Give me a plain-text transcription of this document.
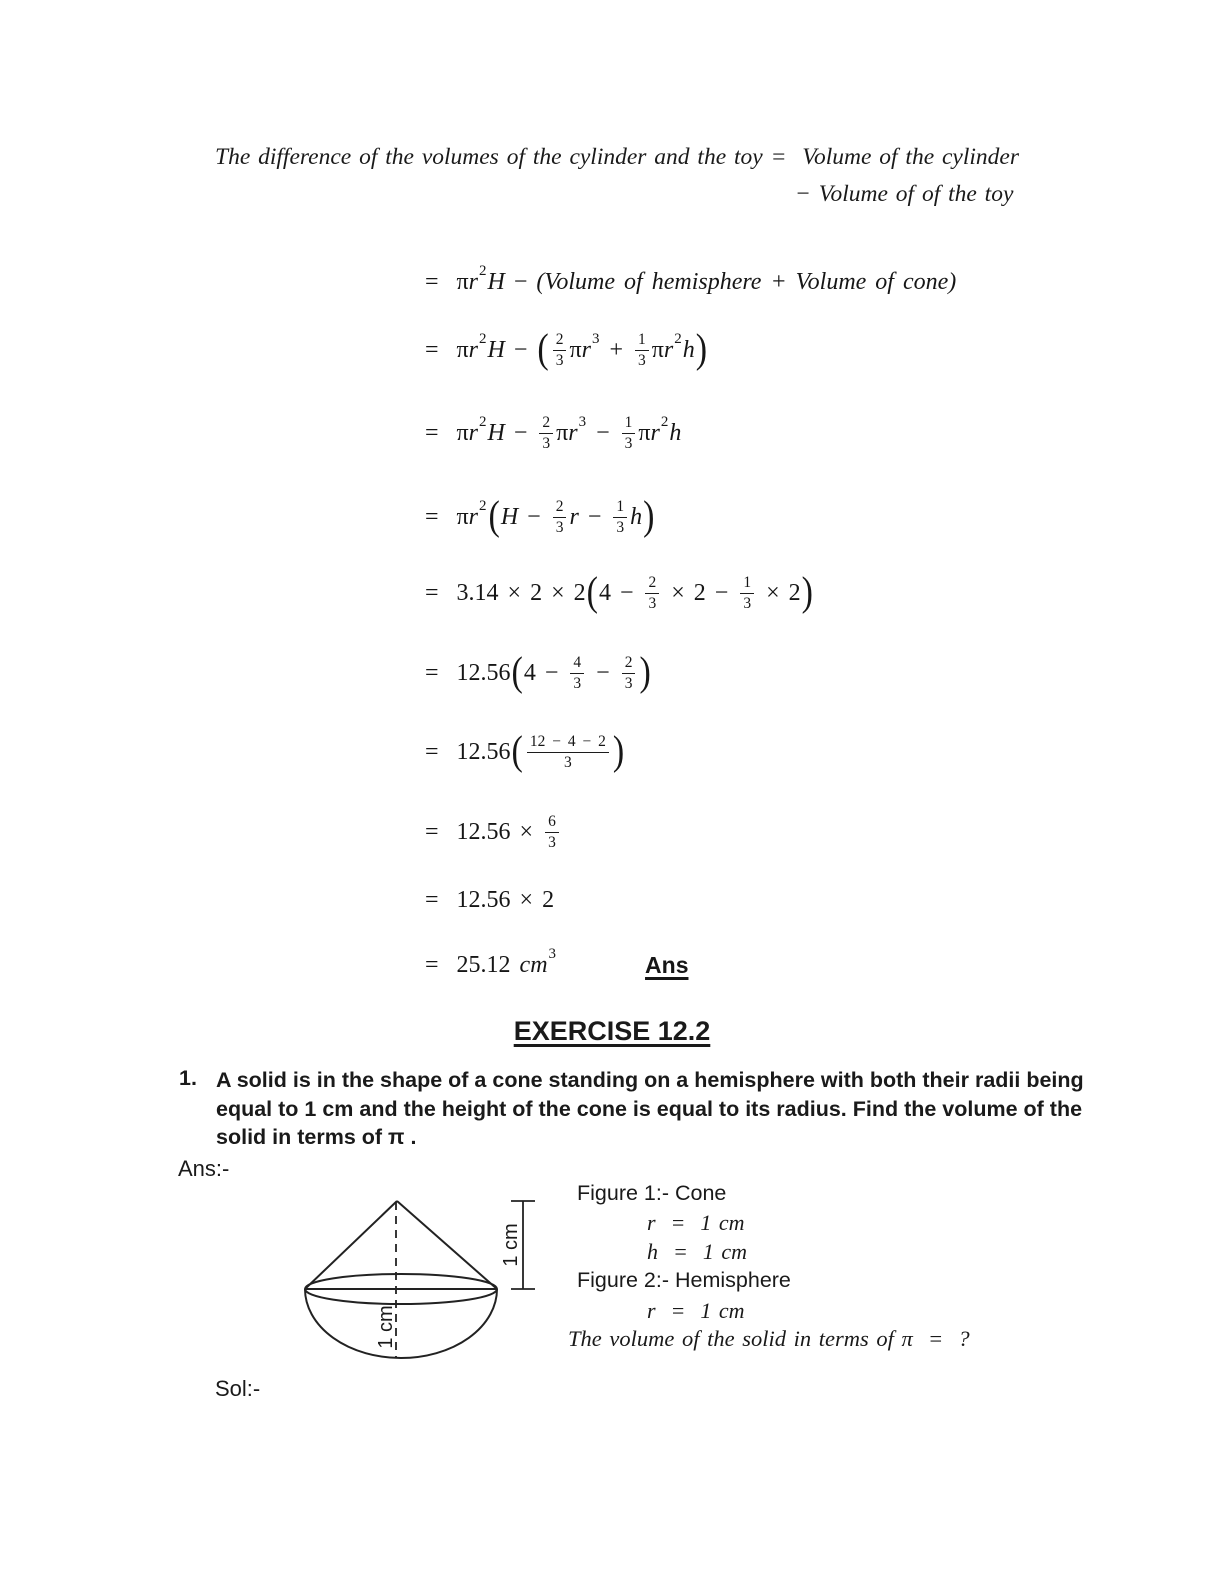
The difference of the volumes of the cylinder and the toy =  Volume of the cylinder
− Volume of of the toy
=  π r 2 H − (Volume of hemisphere + Volume of cone)
=  π r 2 H − ( $\frac{2}{3}$ π r $3 + \frac{1}{3}$ π r 2 h )
=  π r 2 $H - \frac{2}{3}$ π r $3 - \frac{1}{3}$ π r 2 h
=  π r 2 ( $H - \frac{2}{3}$ $r - \frac{1}{3}$ h )
=  3.14 × 2 × 2 ( $4 - \frac{2}{3} \times 2 - \frac{1}{3} \times 2$ )
=  12.56 ( $4 - \frac{4}{3} - \frac{2}{3}$ )
=  12.56 ( $\frac{12 - 4 - 2}{3}$ )
=  $12.56 \times \frac{6}{3}$
=  12.56 × 2
=  25.12 cm 3	Ans
EXERCISE 12.2
1. A solid is in the shape of a cone standing on a hemisphere with both their radii being equal to 1 cm and the height of the cone is equal to its radius. Find the volume of the solid in terms of π .
Ans:-
1 cm
1 cm
Figure 1:- Cone
r  =  1 cm
h  =  1 cm
Figure 2:- Hemisphere
r  =  1 cm
The volume of the solid in terms of π  =  ?
Sol:-
